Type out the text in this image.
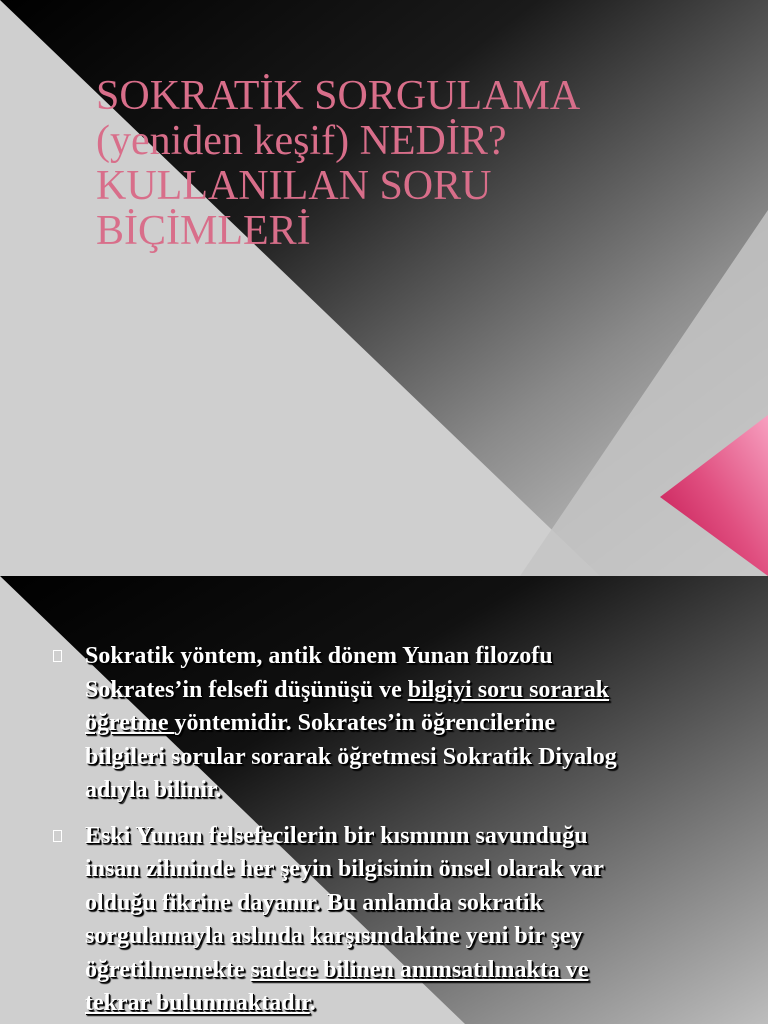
SOKRATİK SORGULAMA
(yeniden keşif) NEDİR?
KULLANILAN SORU
BİÇİMLERİ
Sokratik yöntem, antik dönem Yunan filozofu
Sokrates’in felsefi düşünüşü ve bilgiyi soru sorarak
öğretme yöntemidir. Sokrates’in öğrencilerine
bilgileri sorular sorarak öğretmesi Sokratik Diyalog
adıyla bilinir.
Eski Yunan felsefecilerin bir kısmının savunduğu
insan zihninde her şeyin bilgisinin önsel olarak var
olduğu fikrine dayanır. Bu anlamda sokratik
sorgulamayla aslında karşısındakine yeni bir şey
öğretilmemekte sadece bilinen anımsatılmakta ve
tekrar bulunmaktadır.
